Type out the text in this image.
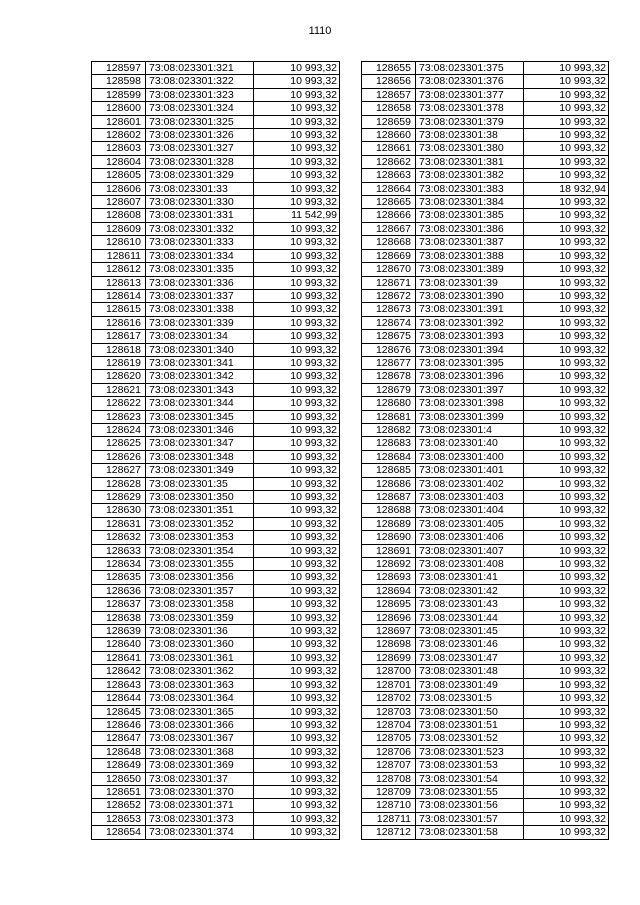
1110
128597	73:08:023301:321	10 993,32
128598	73:08:023301:322	10 993,32
128599	73:08:023301:323	10 993,32
128600	73:08:023301:324	10 993,32
128601	73:08:023301:325	10 993,32
128602	73:08:023301:326	10 993,32
128603	73:08:023301:327	10 993,32
128604	73:08:023301:328	10 993,32
128605	73:08:023301:329	10 993,32
128606	73:08:023301:33	10 993,32
128607	73:08:023301:330	10 993,32
128608	73:08:023301:331	11 542,99
128609	73:08:023301:332	10 993,32
128610	73:08:023301:333	10 993,32
128611	73:08:023301:334	10 993,32
128612	73:08:023301:335	10 993,32
128613	73:08:023301:336	10 993,32
128614	73:08:023301:337	10 993,32
128615	73:08:023301:338	10 993,32
128616	73:08:023301:339	10 993,32
128617	73:08:023301:34	10 993,32
128618	73:08:023301:340	10 993,32
128619	73:08:023301:341	10 993,32
128620	73:08:023301:342	10 993,32
128621	73:08:023301:343	10 993,32
128622	73:08:023301:344	10 993,32
128623	73:08:023301:345	10 993,32
128624	73:08:023301:346	10 993,32
128625	73:08:023301:347	10 993,32
128626	73:08:023301:348	10 993,32
128627	73:08:023301:349	10 993,32
128628	73:08:023301:35	10 993,32
128629	73:08:023301:350	10 993,32
128630	73:08:023301:351	10 993,32
128631	73:08:023301:352	10 993,32
128632	73:08:023301:353	10 993,32
128633	73:08:023301:354	10 993,32
128634	73:08:023301:355	10 993,32
128635	73:08:023301:356	10 993,32
128636	73:08:023301:357	10 993,32
128637	73:08:023301:358	10 993,32
128638	73:08:023301:359	10 993,32
128639	73:08:023301:36	10 993,32
128640	73:08:023301:360	10 993,32
128641	73:08:023301:361	10 993,32
128642	73:08:023301:362	10 993,32
128643	73:08:023301:363	10 993,32
128644	73:08:023301:364	10 993,32
128645	73:08:023301:365	10 993,32
128646	73:08:023301:366	10 993,32
128647	73:08:023301:367	10 993,32
128648	73:08:023301:368	10 993,32
128649	73:08:023301:369	10 993,32
128650	73:08:023301:37	10 993,32
128651	73:08:023301:370	10 993,32
128652	73:08:023301:371	10 993,32
128653	73:08:023301:373	10 993,32
128654	73:08:023301:374	10 993,32
128655	73:08:023301:375	10 993,32
128656	73:08:023301:376	10 993,32
128657	73:08:023301:377	10 993,32
128658	73:08:023301:378	10 993,32
128659	73:08:023301:379	10 993,32
128660	73:08:023301:38	10 993,32
128661	73:08:023301:380	10 993,32
128662	73:08:023301:381	10 993,32
128663	73:08:023301:382	10 993,32
128664	73:08:023301:383	18 932,94
128665	73:08:023301:384	10 993,32
128666	73:08:023301:385	10 993,32
128667	73:08:023301:386	10 993,32
128668	73:08:023301:387	10 993,32
128669	73:08:023301:388	10 993,32
128670	73:08:023301:389	10 993,32
128671	73:08:023301:39	10 993,32
128672	73:08:023301:390	10 993,32
128673	73:08:023301:391	10 993,32
128674	73:08:023301:392	10 993,32
128675	73:08:023301:393	10 993,32
128676	73:08:023301:394	10 993,32
128677	73:08:023301:395	10 993,32
128678	73:08:023301:396	10 993,32
128679	73:08:023301:397	10 993,32
128680	73:08:023301:398	10 993,32
128681	73:08:023301:399	10 993,32
128682	73:08:023301:4	10 993,32
128683	73:08:023301:40	10 993,32
128684	73:08:023301:400	10 993,32
128685	73:08:023301:401	10 993,32
128686	73:08:023301:402	10 993,32
128687	73:08:023301:403	10 993,32
128688	73:08:023301:404	10 993,32
128689	73:08:023301:405	10 993,32
128690	73:08:023301:406	10 993,32
128691	73:08:023301:407	10 993,32
128692	73:08:023301:408	10 993,32
128693	73:08:023301:41	10 993,32
128694	73:08:023301:42	10 993,32
128695	73:08:023301:43	10 993,32
128696	73:08:023301:44	10 993,32
128697	73:08:023301:45	10 993,32
128698	73:08:023301:46	10 993,32
128699	73:08:023301:47	10 993,32
128700	73:08:023301:48	10 993,32
128701	73:08:023301:49	10 993,32
128702	73:08:023301:5	10 993,32
128703	73:08:023301:50	10 993,32
128704	73:08:023301:51	10 993,32
128705	73:08:023301:52	10 993,32
128706	73:08:023301:523	10 993,32
128707	73:08:023301:53	10 993,32
128708	73:08:023301:54	10 993,32
128709	73:08:023301:55	10 993,32
128710	73:08:023301:56	10 993,32
128711	73:08:023301:57	10 993,32
128712	73:08:023301:58	10 993,32
